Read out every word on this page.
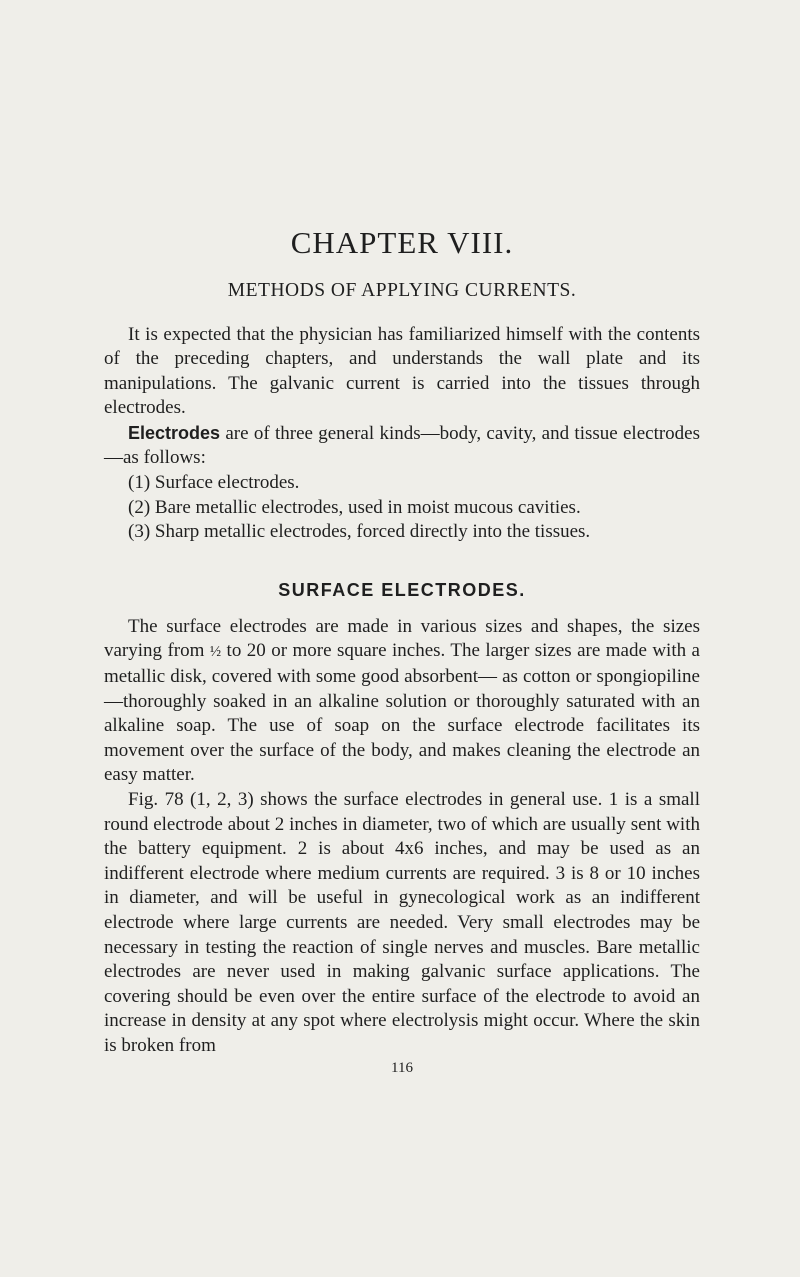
CHAPTER VIII.
METHODS OF APPLYING CURRENTS.

It is expected that the physician has familiarized himself with the contents of the preceding chapters, and understands the wall plate and its manipulations. The galvanic current is carried into the tissues through electrodes.

Electrodes are of three general kinds—body, cavity, and tissue electrodes—as follows:

(1) Surface electrodes.
(2) Bare metallic electrodes, used in moist mucous cavities.
(3) Sharp metallic electrodes, forced directly into the tissues.
SURFACE ELECTRODES.

The surface electrodes are made in various sizes and shapes, the sizes varying from ½ to 20 or more square inches. The larger sizes are made with a metallic disk, covered with some good absorbent— as cotton or spongiopiline—thoroughly soaked in an alkaline solution or thoroughly saturated with an alkaline soap. The use of soap on the surface electrode facilitates its movement over the surface of the body, and makes cleaning the electrode an easy matter.

Fig. 78 (1, 2, 3) shows the surface electrodes in general use. 1 is a small round electrode about 2 inches in diameter, two of which are usually sent with the battery equipment. 2 is about 4x6 inches, and may be used as an indifferent electrode where medium currents are required. 3 is 8 or 10 inches in diameter, and will be useful in gynecological work as an indifferent electrode where large currents are needed. Very small electrodes may be necessary in testing the reaction of single nerves and muscles. Bare metallic electrodes are never used in making galvanic surface applications. The covering should be even over the entire surface of the electrode to avoid an increase in density at any spot where electrolysis might occur. Where the skin is broken from

116
